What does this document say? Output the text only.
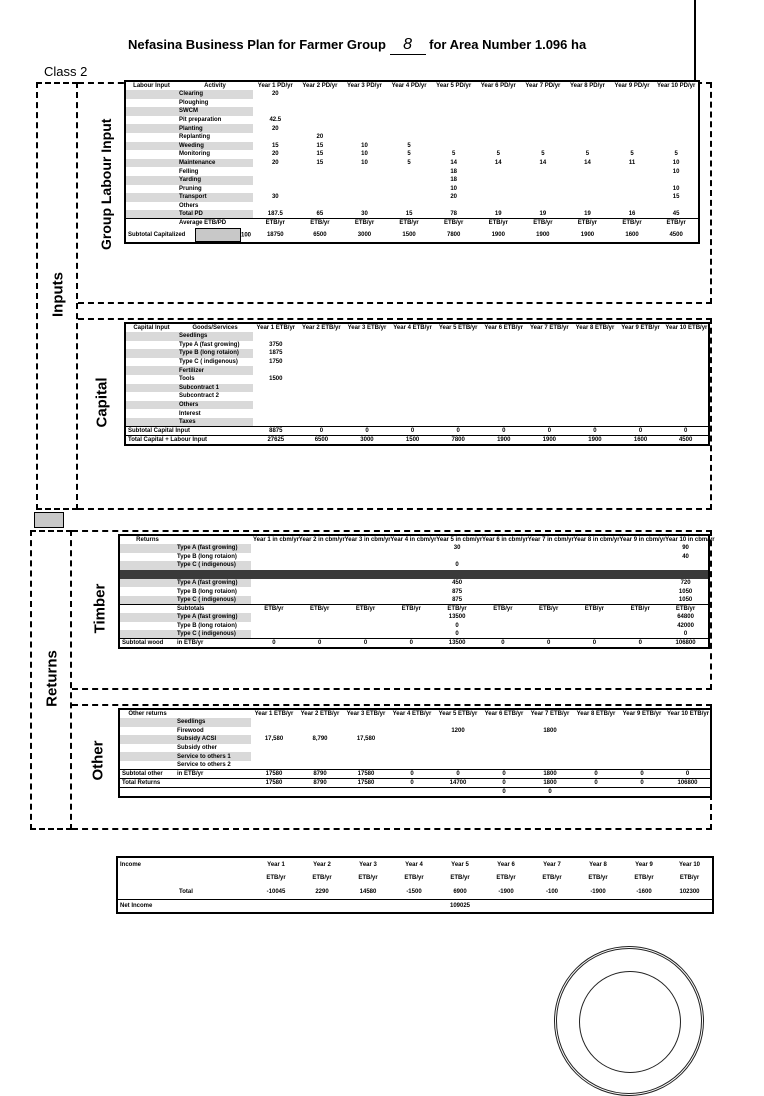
Nefasina Business Plan for Farmer Group 8 for Area Number 1.096 ha
Class 2
Inputs
Group Labour Input
Capital
Returns
Timber
Other
Labour Input	Activity	Year 1 PD/yr	Year 2 PD/yr	Year 3 PD/yr	Year 4 PD/yr	Year 5 PD/yr	Year 6 PD/yr	Year 7 PD/yr	Year 8 PD/yr	Year 9 PD/yr	Year 10 PD/yr
	Clearing	20									
	Ploughing										
	SWCM										
	Pit preparation	42.5									
	Planting	20									
	Replanting		20								
	Weeding	15	15	10	5						
	Monitoring	20	15	10	5	5	5	5	5	5	5
	Maintenance	20	15	10	5	14	14	14	14	11	10
	Felling					18					10
	Yarding					18					
	Pruning					10					10
	Transport	30				20					15
	Others										
	Total PD	187.5	65	30	15	78	19	19	19	16	45
	Average ETB/PD	ETB/yr	ETB/yr	ETB/yr	ETB/yr	ETB/yr	ETB/yr	ETB/yr	ETB/yr	ETB/yr	ETB/yr
Subtotal Capitalized	100	18750	6500	3000	1500	7800	1900	1900	1900	1600	4500
Capital Input	Goods/Services	Year 1 ETB/yr	Year 2 ETB/yr	Year 3 ETB/yr	Year 4 ETB/yr	Year 5 ETB/yr	Year 6 ETB/yr	Year 7 ETB/yr	Year 8 ETB/yr	Year 9 ETB/yr	Year 10 ETB/yr
	Seedlings										
	Type A (fast growing)	3750									
	Type B (long rotaion)	1875									
	Type C ( indigenous)	1750									
	Fertilizer										
	Tools	1500									
	Subcontract 1										
	Subcontract 2										
	Others										
	Interest										
	Taxes										
Subtotal Capital Input		8875	0	0	0	0	0	0	0	0	0
Total Capital + Labour Input		27625	6500	3000	1500	7800	1900	1900	1900	1600	4500
Returns		Year 1 in cbm/yr	Year 2 in cbm/yr	Year 3 in cbm/yr	Year 4 in cbm/yr	Year 5 in cbm/yr	Year 6 in cbm/yr	Year 7 in cbm/yr	Year 8 in cbm/yr	Year 9 in cbm/yr	Year 10 in cbm/yr
	Type A (fast growing)					30					90
	Type B (long rotaion)										40
	Type C ( indigenous)					0					

	Type A (fast growing)					450					720
	Type B (long rotaion)					875					1050
	Type C ( indigenous)					875					1050
	Subtotals	ETB/yr	ETB/yr	ETB/yr	ETB/yr	ETB/yr	ETB/yr	ETB/yr	ETB/yr	ETB/yr	ETB/yr
	Type A (fast growing)					13500					64800
	Type B (long rotaion)					0					42000
	Type C ( indigenous)					0					0
Subtotal wood	in ETB/yr	0	0	0	0	13500	0	0	0	0	106800
Other returns		Year 1 ETB/yr	Year 2 ETB/yr	Year 3 ETB/yr	Year 4 ETB/yr	Year 5 ETB/yr	Year 6 ETB/yr	Year 7 ETB/yr	Year 8 ETB/yr	Year 9 ETB/yr	Year 10 ETB/yr
	Seedlings										
	Firewood					1200		1800			
	Subsidy ACSI	17,580	8,790	17,580							
	Subsidy other										
	Service to others 1										
	Service to others 2										
Subtotal other	in ETB/yr	17580	8790	17580	0	0	0	1800	0	0	0
Total Returns		17580	8790	17580	0	14700	0	1800	0	0	106800
							0	0			
Income		Year 1	Year 2	Year 3	Year 4	Year 5	Year 6	Year 7	Year 8	Year 9	Year 10
		ETB/yr	ETB/yr	ETB/yr	ETB/yr	ETB/yr	ETB/yr	ETB/yr	ETB/yr	ETB/yr	ETB/yr
	Total	-10045	2290	14580	-1500	6900	-1900	-100	-1900	-1600	102300
Net Income						109025					
